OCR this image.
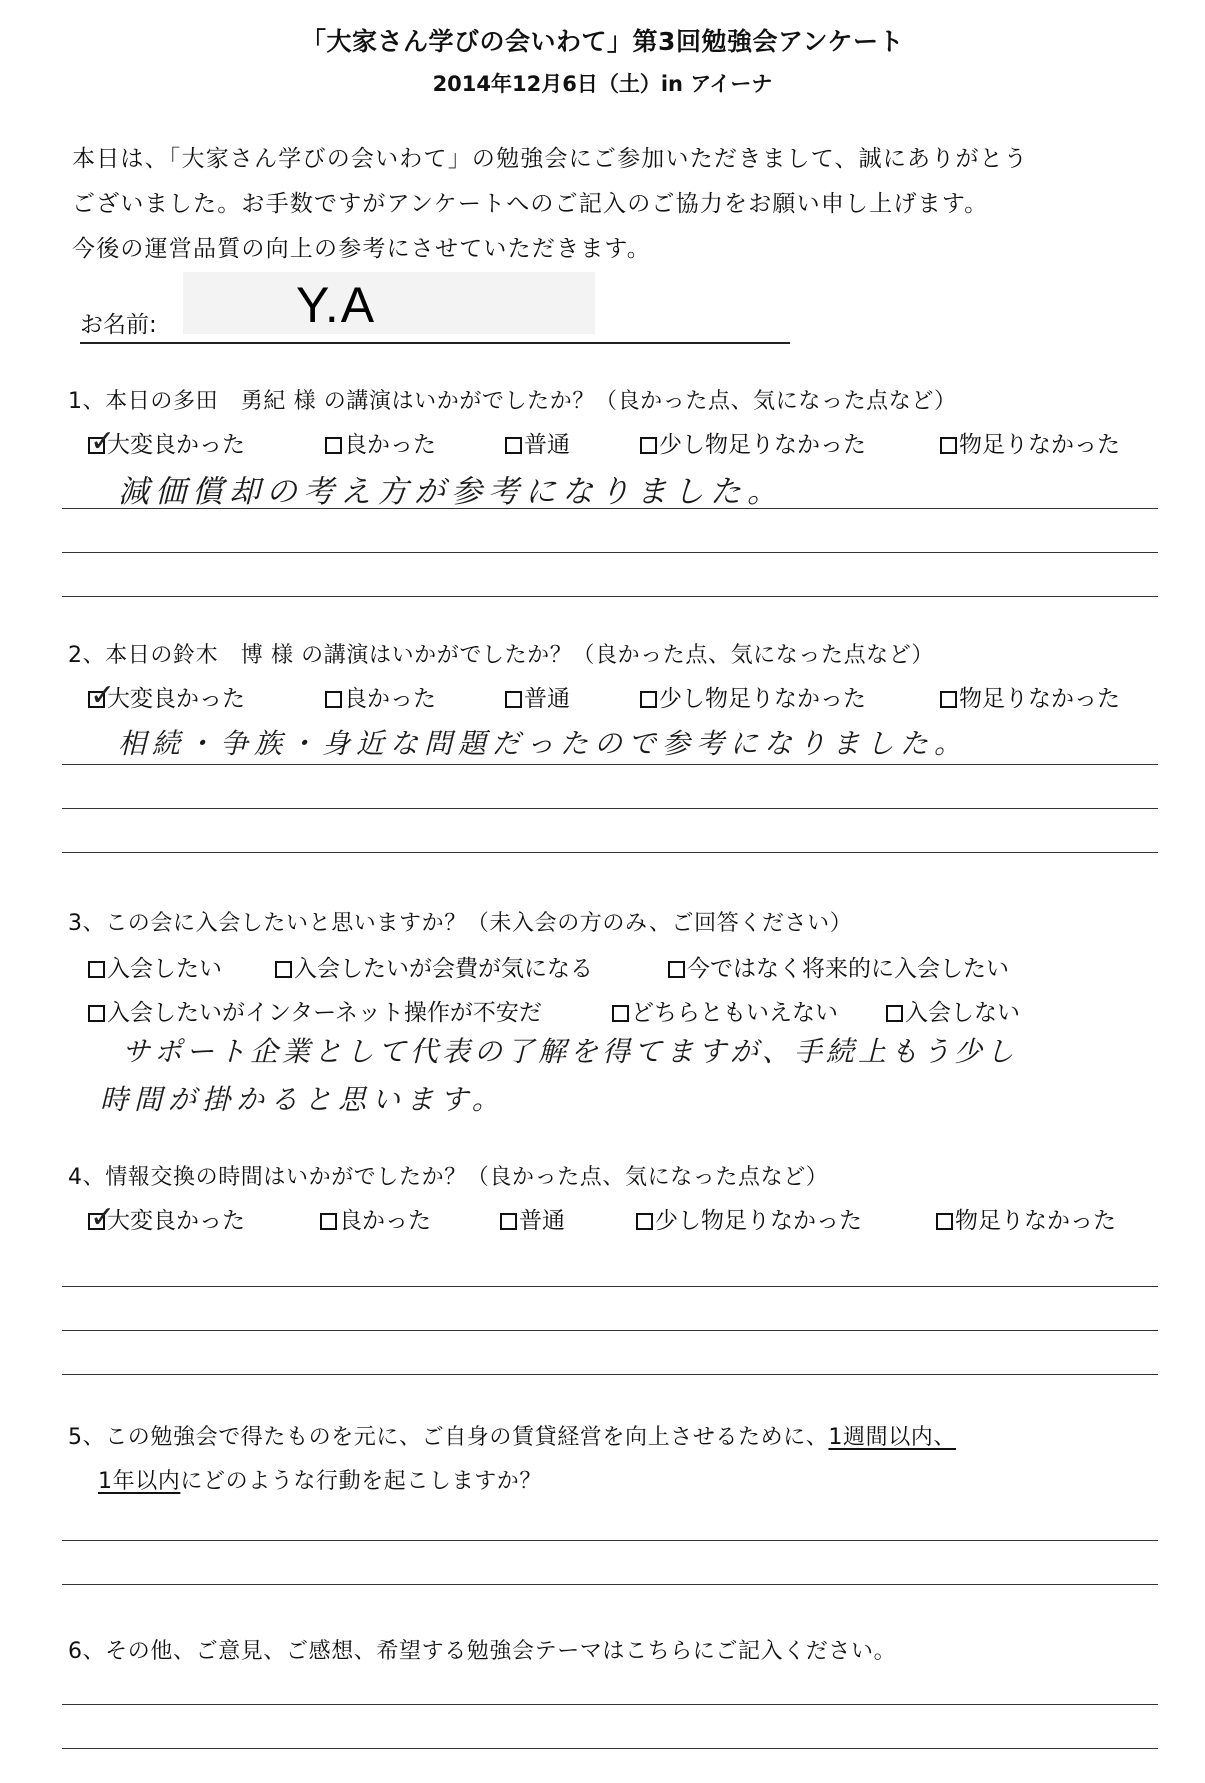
「大家さん学びの会いわて」第3回勉強会アンケート
2014年12月6日（土）in アイーナ
本日は、「大家さん学びの会いわて」の勉強会にご参加いただきまして、誠にありがとう
ございました。お手数ですがアンケートへのご記入のご協力をお願い申し上げます。
今後の運営品質の向上の参考にさせていただきます。
お名前:	Y.A
1、本日の多田　勇紀 様 の講演はいかがでしたか？（良かった点、気になった点など）
✓
大変良かった	良かった	普通	少し物足りなかった	物足りなかった
減価償却の考え方が参考になりました。
2、本日の鈴木　博 様 の講演はいかがでしたか？（良かった点、気になった点など）
✓
大変良かった	良かった	普通	少し物足りなかった	物足りなかった
相続・争族・身近な問題だったので参考になりました。
3、この会に入会したいと思いますか？（未入会の方のみ、ご回答ください）
入会したい	入会したいが会費が気になる	今ではなく将来的に入会したい
入会したいがインターネット操作が不安だ	どちらともいえない	入会しない
サポート企業として代表の了解を得てますが、手続上もう少し
時間が掛かると思います。
4、情報交換の時間はいかがでしたか？（良かった点、気になった点など）
✓
大変良かった	良かった	普通	少し物足りなかった	物足りなかった
5、この勉強会で得たものを元に、ご自身の賃貸経営を向上させるために、1週間以内、
1年以内にどのような行動を起こしますか？
6、その他、ご意見、ご感想、希望する勉強会テーマはこちらにご記入ください。
